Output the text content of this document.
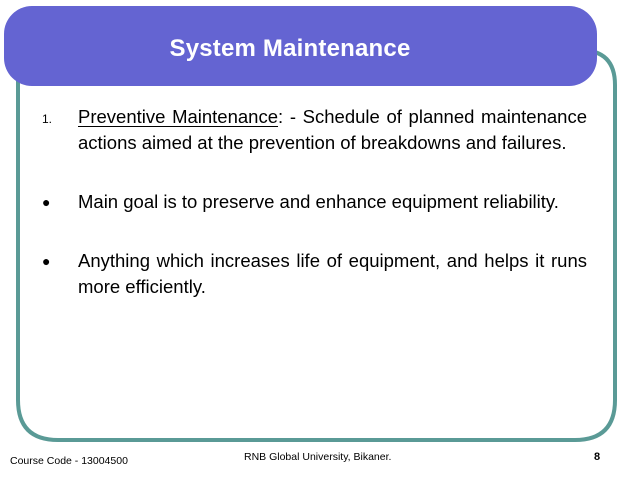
System Maintenance
1. Preventive Maintenance: - Schedule of planned maintenance actions aimed at the prevention of breakdowns and failures.
● Main goal is to preserve and enhance equipment reliability.
● Anything which increases life of equipment, and helps it runs more efficiently.
Course Code - 13004500	RNB Global University, Bikaner.	8
